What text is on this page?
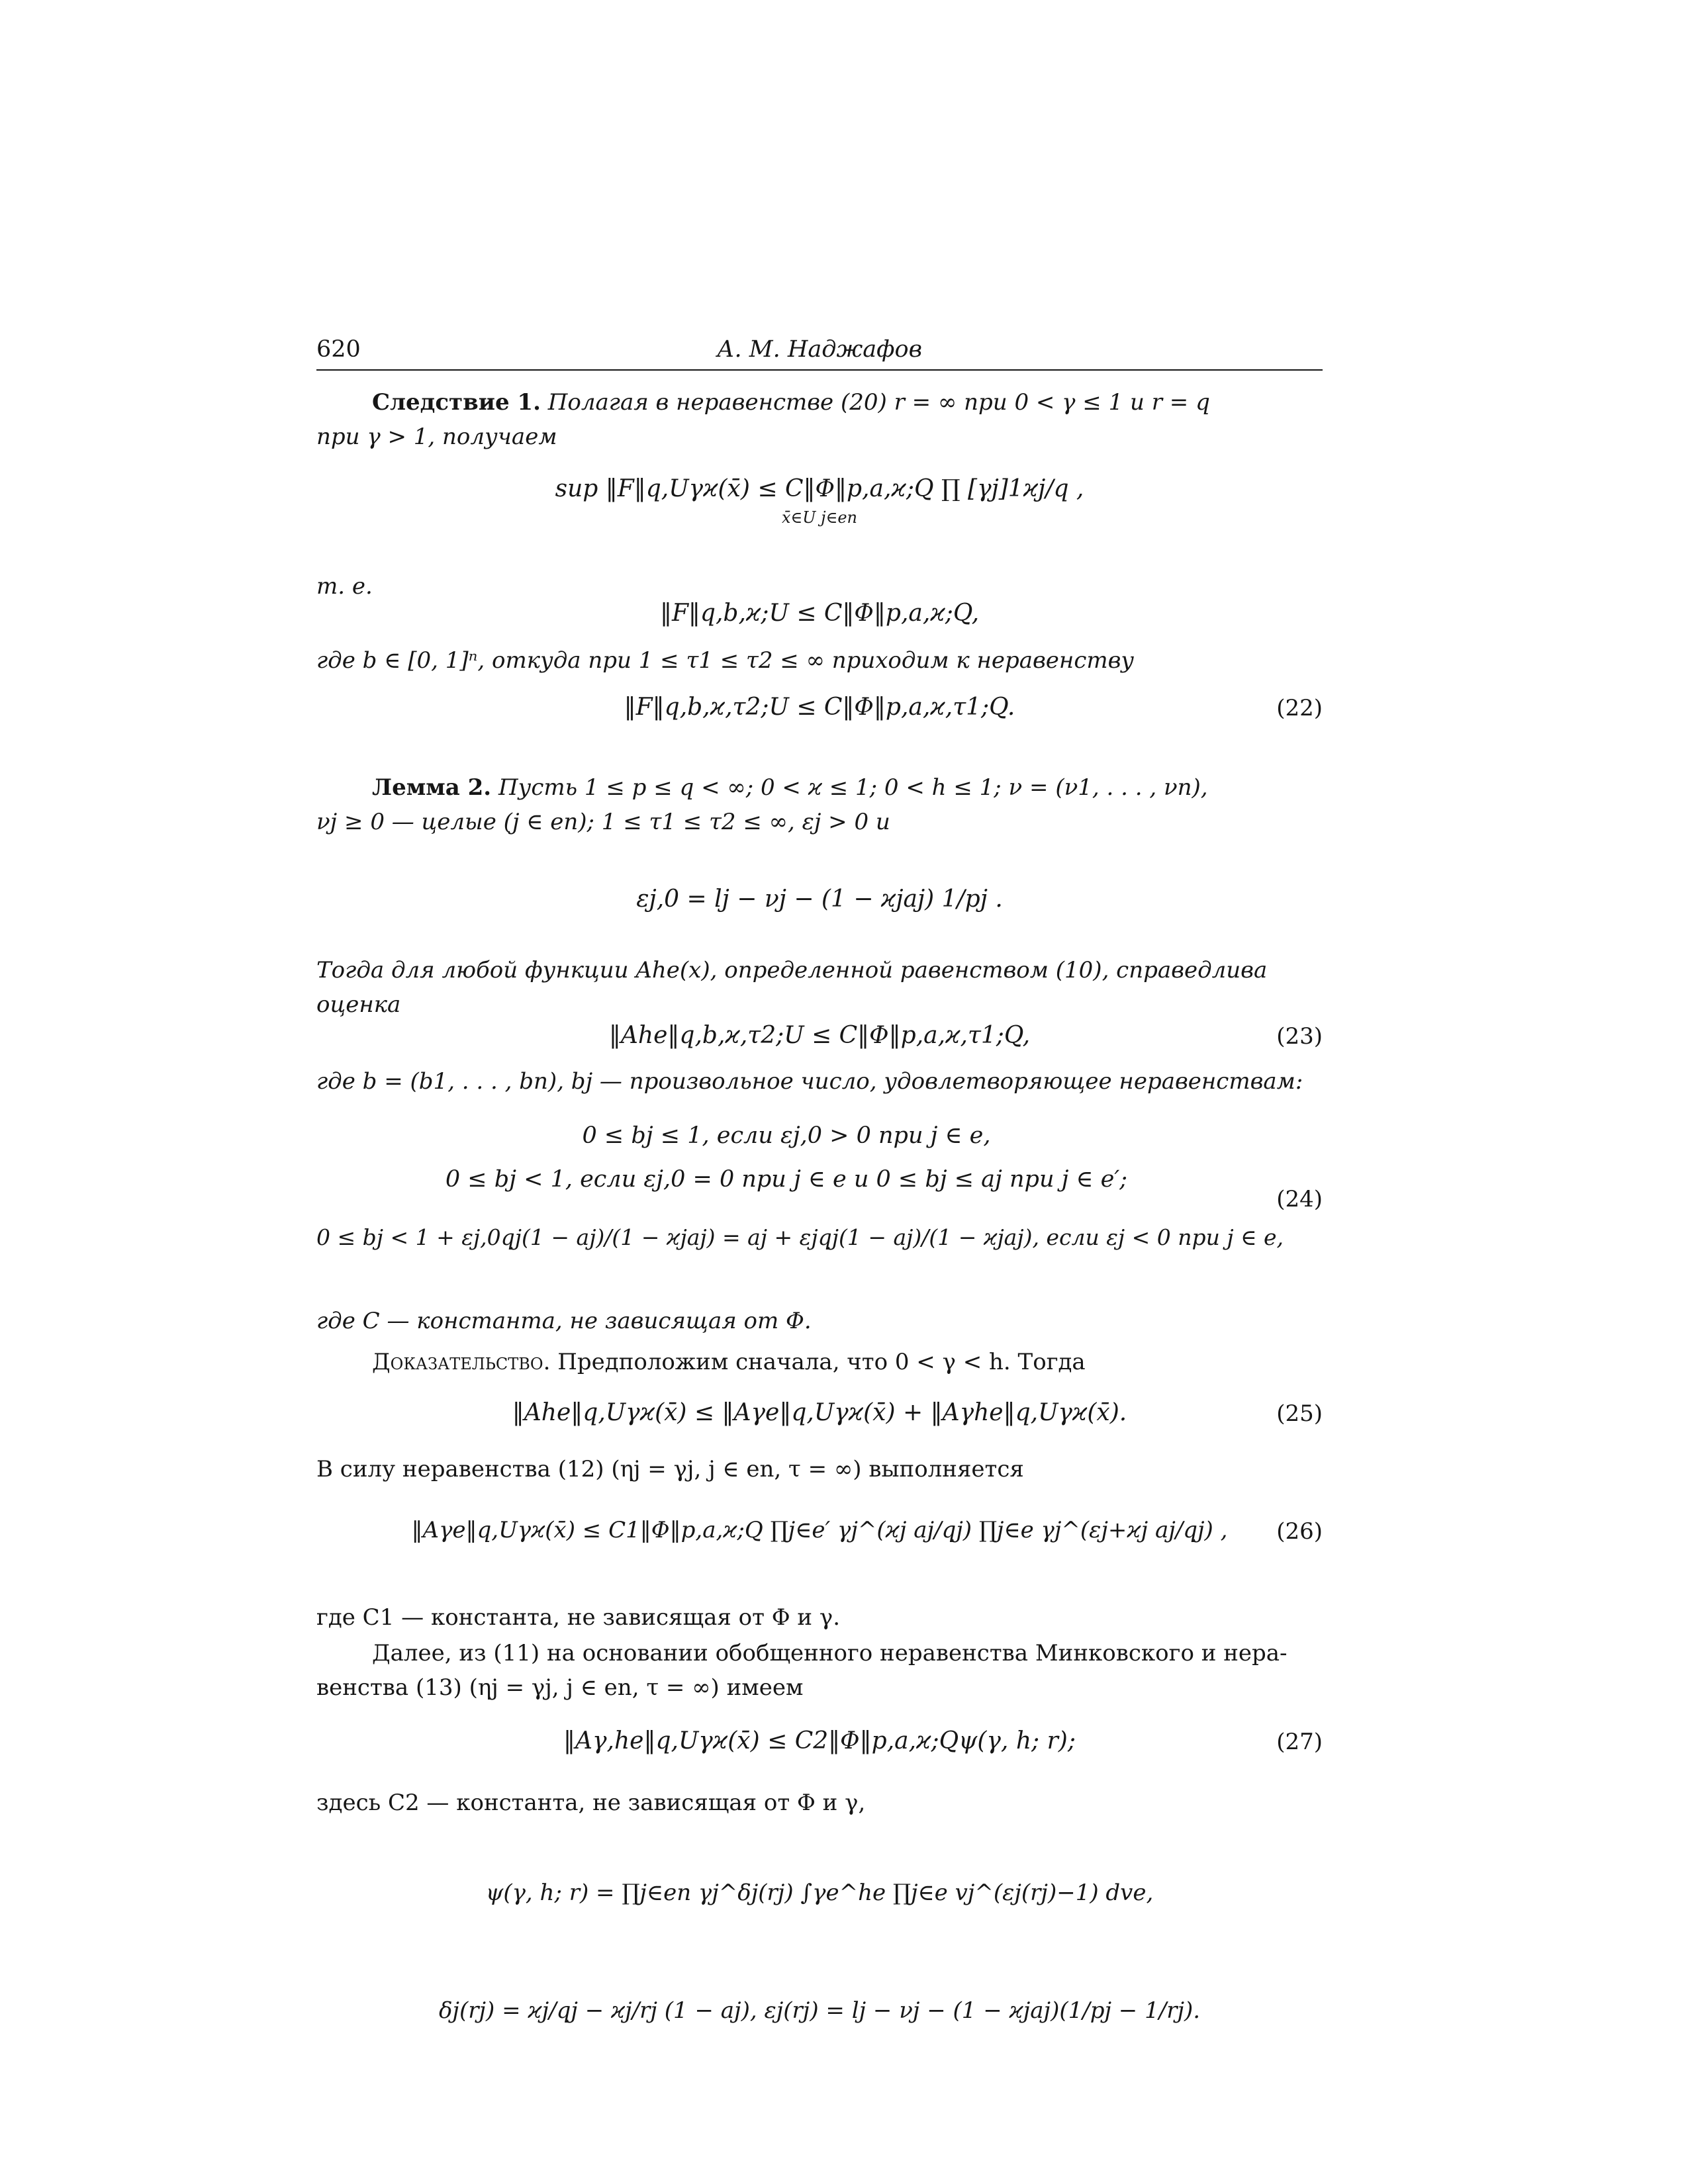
620	А. М. Наджафов
Следствие 1. Полагая в неравенстве (20) r = ∞ при 0 < γ ≤ 1 и r = q
при γ > 1, получаем
sup ‖F‖q,Uγϰ(x̄) ≤ C‖Φ‖p,a,ϰ;Q ∏ [γj]1ϰj/q ,
x̄∈U j∈en
т. е.
‖F‖q,b,ϰ;U ≤ C‖Φ‖p,a,ϰ;Q,
где b ∈ [0, 1]ⁿ, откуда при 1 ≤ τ1 ≤ τ2 ≤ ∞ приходим к неравенству
‖F‖q,b,ϰ,τ2;U ≤ C‖Φ‖p,a,ϰ,τ1;Q.	(22)
Лемма 2. Пусть 1 ≤ p ≤ q < ∞; 0 < ϰ ≤ 1; 0 < h ≤ 1; ν = (ν1, . . . , νn),
νj ≥ 0 — целые (j ∈ en); 1 ≤ τ1 ≤ τ2 ≤ ∞, εj > 0 и
εj,0 = lj − νj − (1 − ϰjaj) 1/pj .
Тогда для любой функции Ahe(x), определенной равенством (10), справедлива
оценка
‖Ahe‖q,b,ϰ,τ2;U ≤ C‖Φ‖p,a,ϰ,τ1;Q,	(23)
где b = (b1, . . . , bn), bj — произвольное число, удовлетворяющее неравенствам:
0 ≤ bj ≤ 1, если εj,0 > 0 при j ∈ e,
0 ≤ bj < 1, если εj,0 = 0 при j ∈ e и 0 ≤ bj ≤ aj при j ∈ e′;
0 ≤ bj < 1 + εj,0qj(1 − aj)/(1 − ϰjaj) = aj + εjqj(1 − aj)/(1 − ϰjaj), если εj < 0 при j ∈ e,
(24)
где C — константа, не зависящая от Φ.
Доказательство. Предположим сначала, что 0 < γ < h. Тогда
‖Ahe‖q,Uγϰ(x̄) ≤ ‖Aγe‖q,Uγϰ(x̄) + ‖Aγhe‖q,Uγϰ(x̄).	(25)
В силу неравенства (12) (ηj = γj, j ∈ en, τ = ∞) выполняется
‖Aγe‖q,Uγϰ(x̄) ≤ C1‖Φ‖p,a,ϰ;Q ∏j∈e′ γj^(ϰj aj/qj) ∏j∈e γj^(εj+ϰj aj/qj) ,	(26)
где C1 — константа, не зависящая от Φ и γ.
Далее, из (11) на основании обобщенного неравенства Минковского и нера-
венства (13) (ηj = γj, j ∈ en, τ = ∞) имеем
‖Aγ,he‖q,Uγϰ(x̄) ≤ C2‖Φ‖p,a,ϰ;Qψ(γ, h; r);	(27)
здесь C2 — константа, не зависящая от Φ и γ,
ψ(γ, h; r) = ∏j∈en γj^δj(rj) ∫γe^he ∏j∈e vj^(εj(rj)−1) dve,
δj(rj) = ϰj/qj − ϰj/rj (1 − aj), εj(rj) = lj − νj − (1 − ϰjaj)(1/pj − 1/rj).
